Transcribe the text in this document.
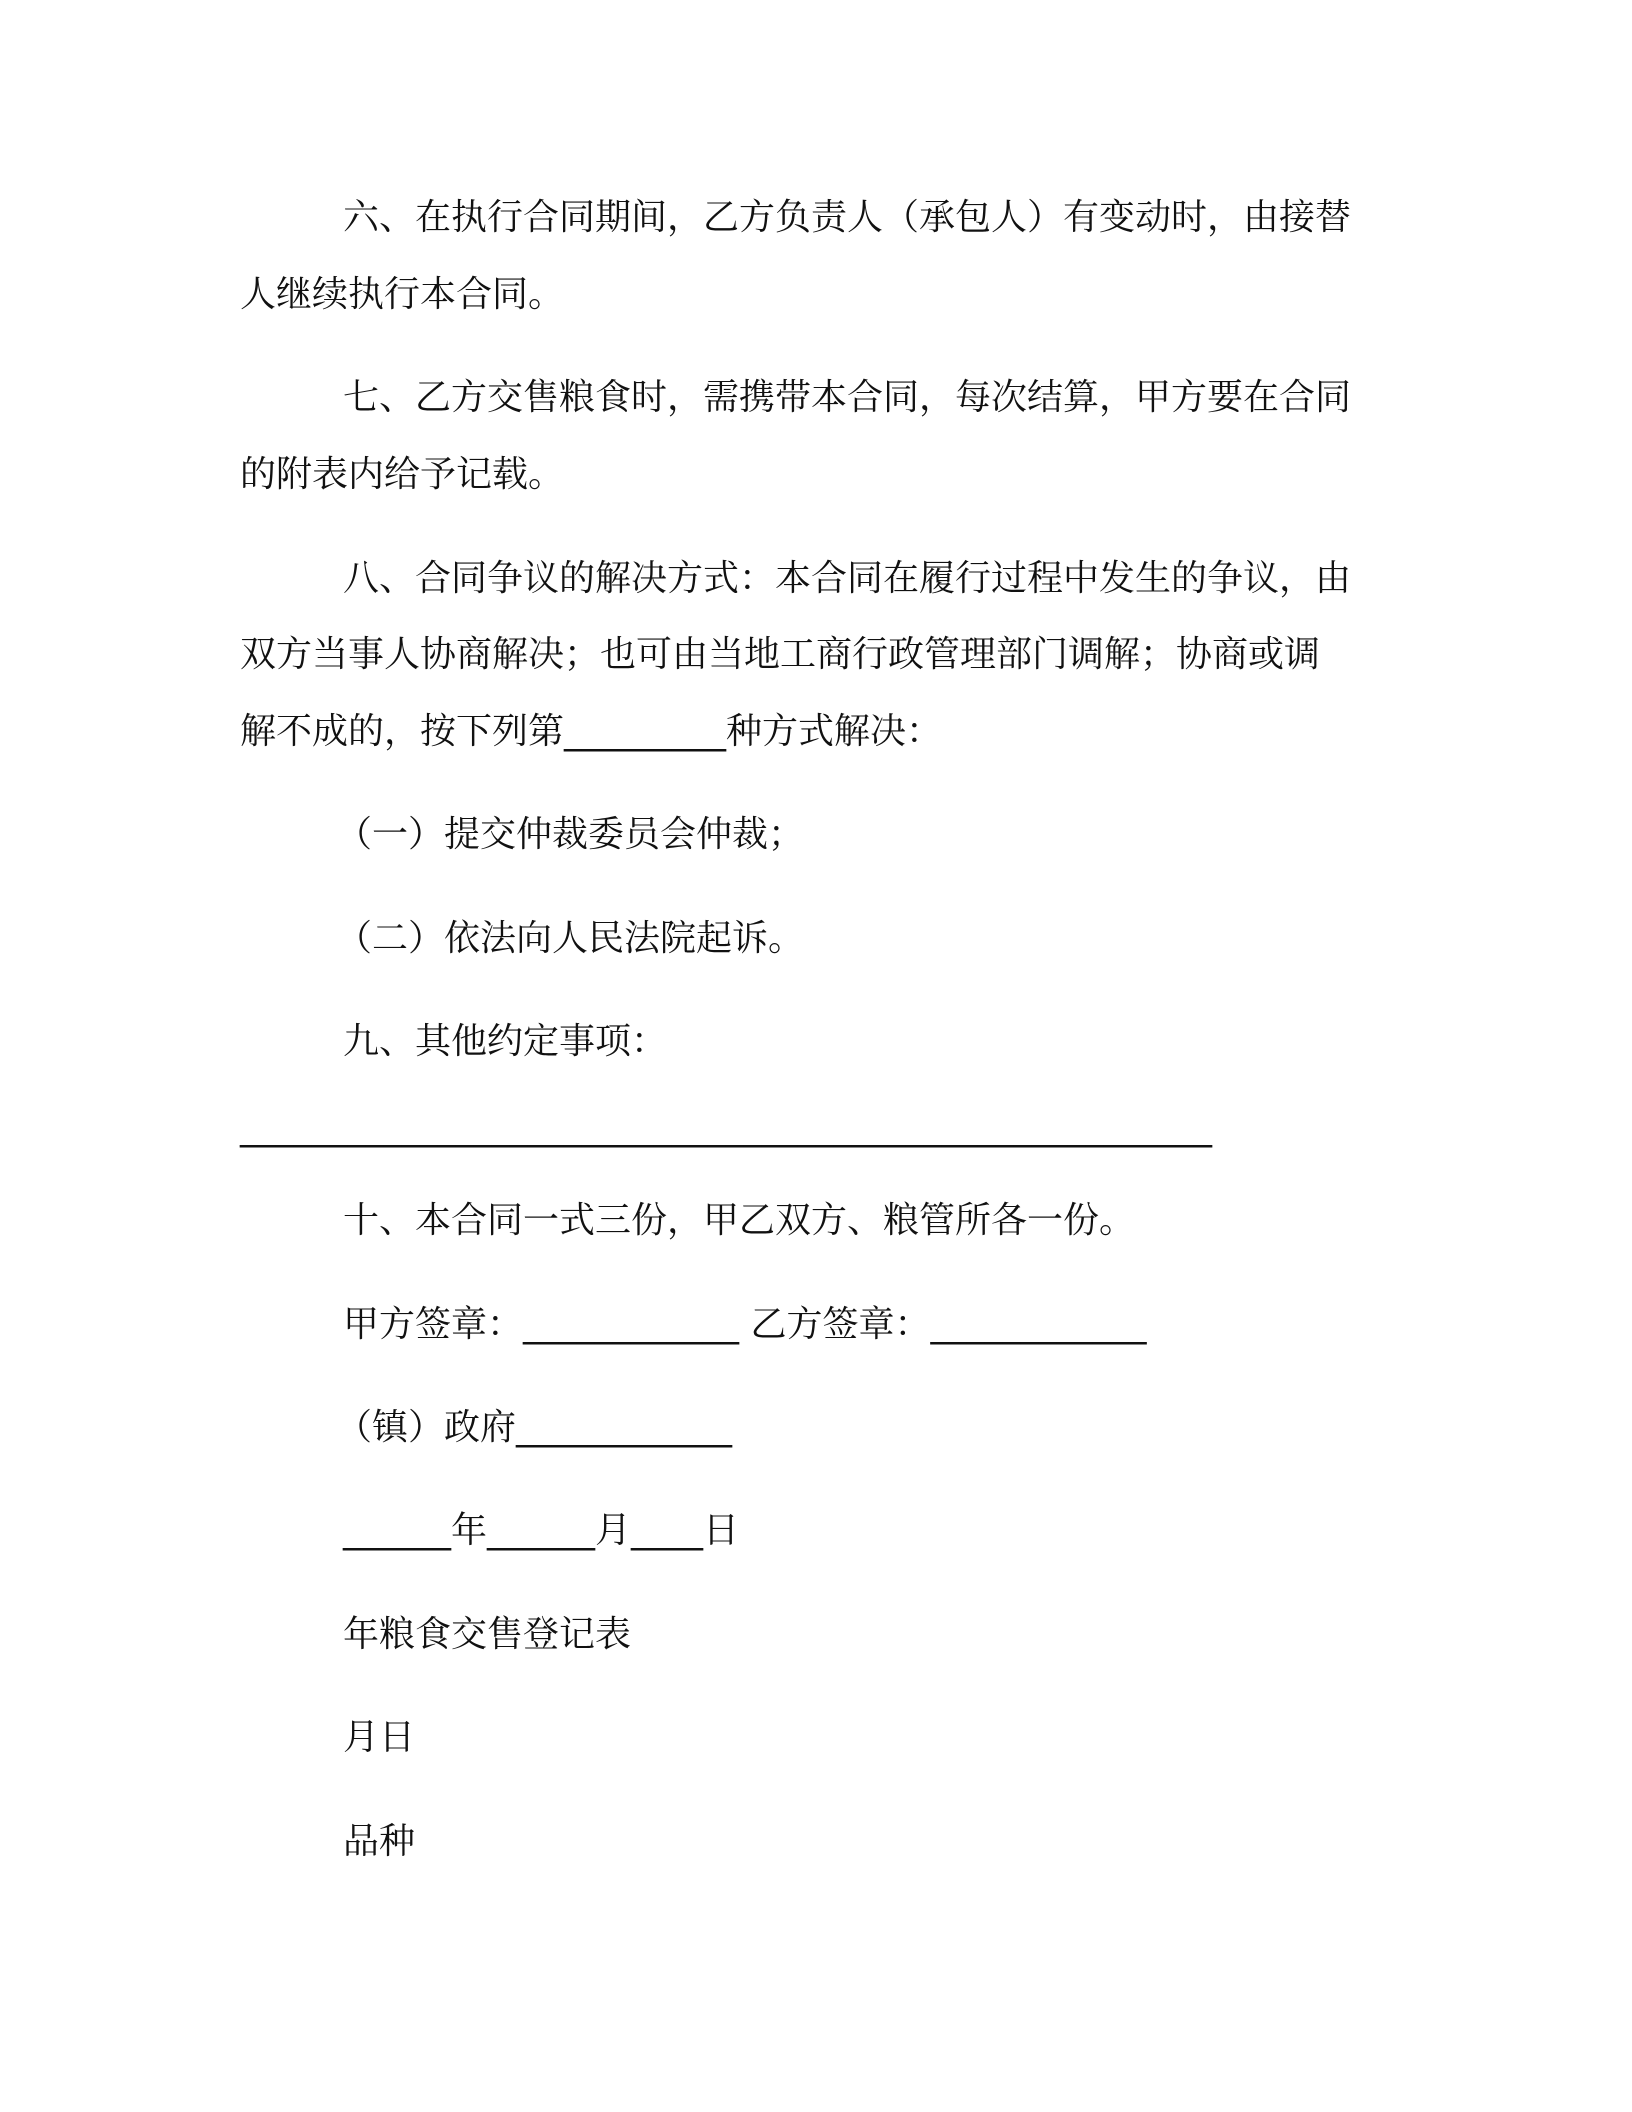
六、在执行合同期间，乙方负责人（承包人）有变动时，由接替
人继续执行本合同。
七、乙方交售粮食时，需携带本合同，每次结算，甲方要在合同
的附表内给予记载。
八、合同争议的解决方式：本合同在履行过程中发生的争议，由
双方当事人协商解决；也可由当地工商行政管理部门调解；协商或调
解不成的，按下列第_________种方式解决：
（一）提交仲裁委员会仲裁；
（二）依法向人民法院起诉。
九、其他约定事项：
______________________________________________________
十、本合同一式三份，甲乙双方、粮管所各一份。
甲方签章：____________ 乙方签章：____________
（镇）政府____________
______年______月____日
年粮食交售登记表
月日
品种
